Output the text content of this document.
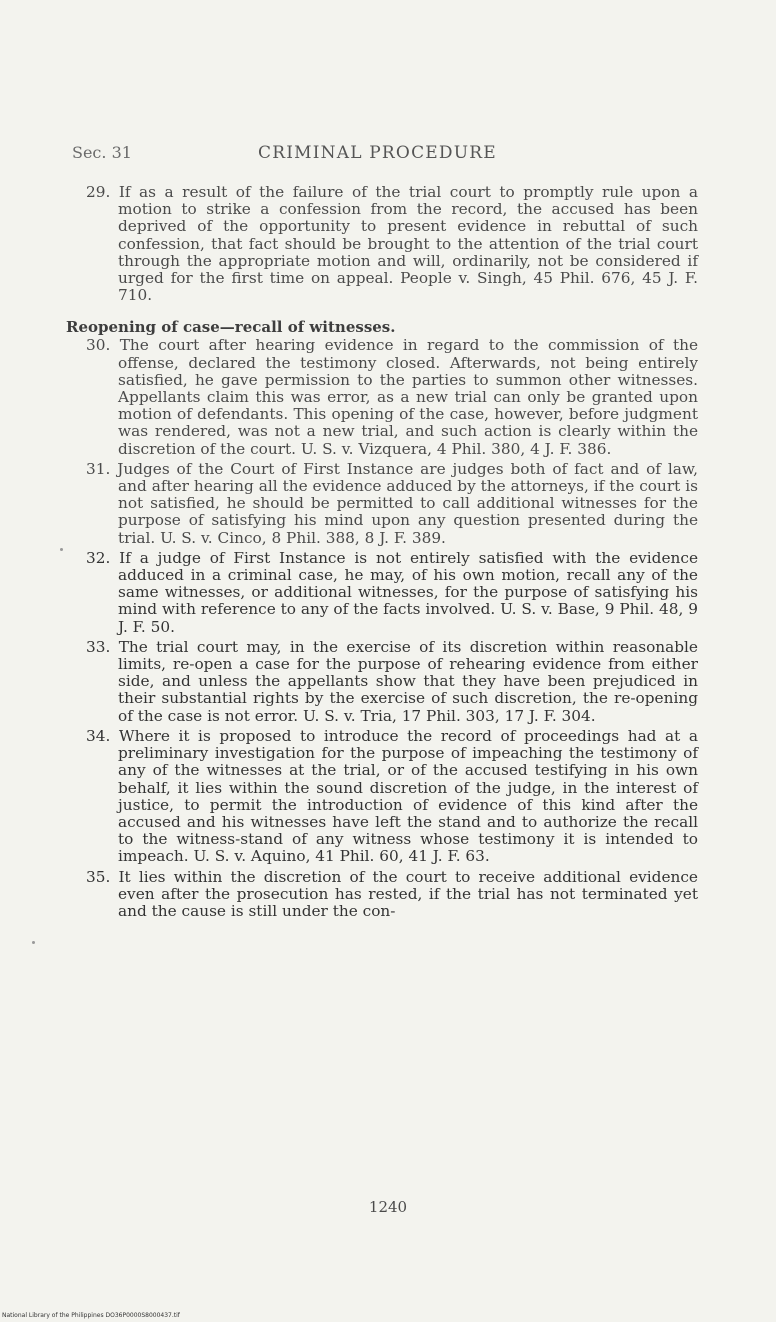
Sec. 31	CRIMINAL PROCEDURE

29. If as a result of the failure of the trial court to promptly rule upon a motion to strike a confession from the record, the accused has been deprived of the opportunity to present evidence in rebuttal of such confession, that fact should be brought to the attention of the trial court through the appropriate motion and will, ordinarily, not be considered if urged for the first time on appeal. People v. Singh, 45 Phil. 676, 45 J. F. 710.

Reopening of case—recall of witnesses.

30. The court after hearing evidence in regard to the commission of the offense, declared the testimony closed. Afterwards, not being entirely satisfied, he gave permission to the parties to summon other witnesses. Appellants claim this was error, as a new trial can only be granted upon motion of defendants. This opening of the case, however, before judgment was rendered, was not a new trial, and such action is clearly within the discretion of the court. U. S. v. Vizquera, 4 Phil. 380, 4 J. F. 386.

31. Judges of the Court of First Instance are judges both of fact and of law, and after hearing all the evidence adduced by the attorneys, if the court is not satisfied, he should be permitted to call additional witnesses for the purpose of satisfying his mind upon any question presented during the trial. U. S. v. Cinco, 8 Phil. 388, 8 J. F. 389.

32. If a judge of First Instance is not entirely satisfied with the evidence adduced in a criminal case, he may, of his own motion, recall any of the same witnesses, or additional witnesses, for the purpose of satisfying his mind with reference to any of the facts involved. U. S. v. Base, 9 Phil. 48, 9 J. F. 50.

33. The trial court may, in the exercise of its discretion within reasonable limits, re-open a case for the purpose of rehearing evidence from either side, and unless the appellants show that they have been prejudiced in their substantial rights by the exercise of such discretion, the re-opening of the case is not error. U. S. v. Tria, 17 Phil. 303, 17 J. F. 304.

34. Where it is proposed to introduce the record of proceedings had at a preliminary investigation for the purpose of impeaching the testimony of any of the witnesses at the trial, or of the accused testifying in his own behalf, it lies within the sound discretion of the judge, in the interest of justice, to permit the introduction of evidence of this kind after the accused and his witnesses have left the stand and to authorize the recall to the witness-stand of any witness whose testimony it is intended to impeach. U. S. v. Aquino, 41 Phil. 60, 41 J. F. 63.

35. It lies within the discretion of the court to receive additional evidence even after the prosecution has rested, if the trial has not terminated yet and the cause is still under the con-

1240
National Library of the Philippines DO36P0000S8000437.tif
